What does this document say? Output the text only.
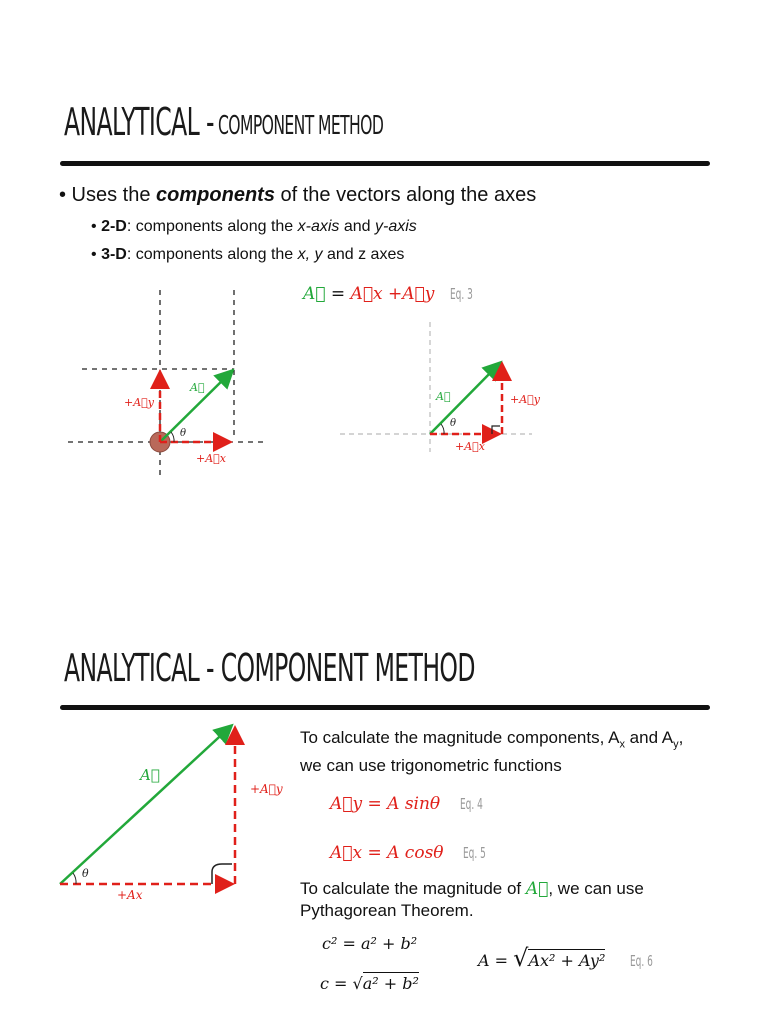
ANALYTICAL - COMPONENT METHOD
• Uses the components of the vectors along the axes
• 2-D: components along the x-axis and y-axis
• 3-D: components along the x, y and z axes
A⃗ = A⃗x +A⃗y Eq. 3
A⃗
+A⃗y
+A⃗x
θ
A⃗	+A⃗y
+A⃗x
θ
ANALYTICAL - COMPONENT METHOD
A⃗
+A⃗y
+Ax
θ
To calculate the magnitude components, $A_x$ and $A_y$,
we can use trigonometric functions
A⃗y = A sinθ Eq. 4
A⃗x = A cosθ Eq. 5
To calculate the magnitude of A⃗, we can use
Pythagorean Theorem.
c² = a² + b²
c = √a² + b²
A = √Ax² + Ay² Eq. 6
